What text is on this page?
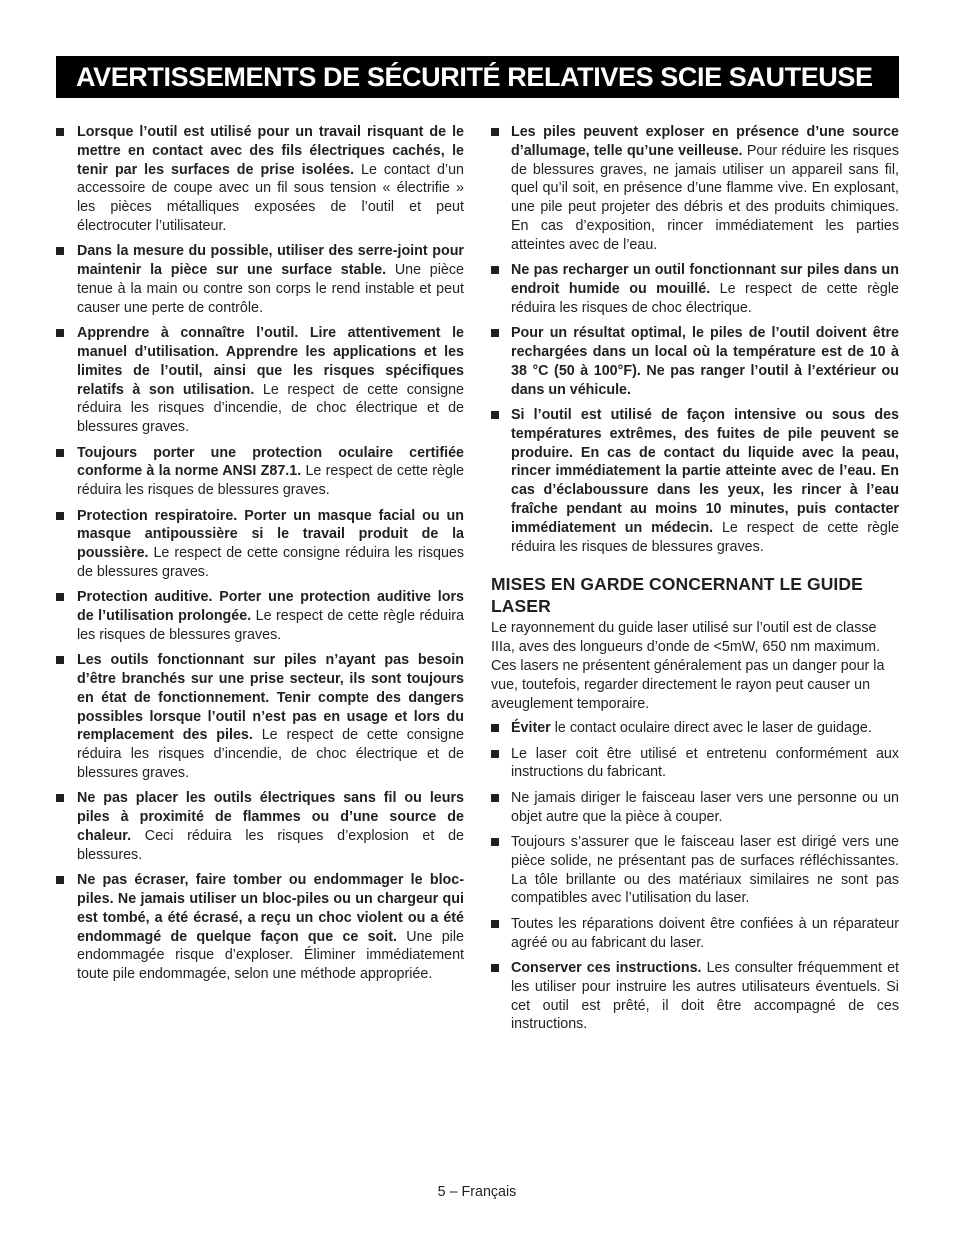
AVERTISSEMENTS DE SÉCURITÉ RELATIVES SCIE SAUTEUSE
Lorsque l’outil est utilisé pour un travail risquant de le mettre en contact avec des fils électriques cachés, le tenir par les surfaces de prise isolées. Le contact d’un accessoire de coupe avec un fil sous tension « électrifie » les pièces métalliques exposées de l’outil et peut électrocuter l’utilisateur.
Dans la mesure du possible, utiliser des serre-joint pour maintenir la pièce sur une surface stable. Une pièce tenue à la main ou contre son corps le rend instable et peut causer une perte de contrôle.
Apprendre à connaître l’outil. Lire attentivement le manuel d’utilisation. Apprendre les applications et les limites de l’outil, ainsi que les risques spécifiques relatifs à son utilisation. Le respect de cette consigne réduira les risques d’incendie, de choc électrique et de blessures graves.
Toujours porter une protection oculaire certifiée conforme à la norme ANSI Z87.1. Le respect de cette règle réduira les risques de blessures graves.
Protection respiratoire. Porter un masque facial ou un masque antipoussière si le travail produit de la poussière. Le respect de cette consigne réduira les risques de blessures graves.
Protection auditive. Porter une protection auditive lors de l’utilisation prolongée. Le respect de cette règle réduira les risques de blessures graves.
Les outils fonctionnant sur piles n’ayant pas besoin d’être branchés sur une prise secteur, ils sont toujours en état de fonctionnement. Tenir compte des dangers possibles lorsque l’outil n’est pas en usage et lors du remplacement des piles. Le respect de cette consigne réduira les risques d’incendie, de choc électrique et de blessures graves.
Ne pas placer les outils électriques sans fil ou leurs piles à proximité de flammes ou d’une source de chaleur. Ceci réduira les risques d’explosion et de blessures.
Ne pas écraser, faire tomber ou endommager le bloc-piles. Ne jamais utiliser un bloc-piles ou un chargeur qui est tombé, a été écrasé, a reçu un choc violent ou a été endommagé de quelque façon que ce soit. Une pile endommagée risque d’exploser. Éliminer immédiatement toute pile endommagée, selon une méthode appropriée.
Les piles peuvent exploser en présence d’une source d’allumage, telle qu’une veilleuse. Pour réduire les risques de blessures graves, ne jamais utiliser un appareil sans fil, quel qu’il soit, en présence d’une flamme vive. En explosant, une pile peut projeter des débris et des produits chimiques. En cas d’exposition, rincer immédiatement les parties atteintes avec de l’eau.
Ne pas recharger un outil fonctionnant sur piles dans un endroit humide ou mouillé. Le respect de cette règle réduira les risques de choc électrique.
Pour un résultat optimal, le piles de l’outil doivent être rechargées dans un local où la température est de 10 à 38 °C (50 à 100°F). Ne pas ranger l’outil à l’extérieur ou dans un véhicule.
Si l’outil est utilisé de façon intensive ou sous des températures extrêmes, des fuites de pile peuvent se produire. En cas de contact du liquide avec la peau, rincer immédiatement la partie atteinte avec de l’eau. En cas d’éclaboussure dans les yeux, les rincer à l’eau fraîche pendant au moins 10 minutes, puis contacter immédiatement un médecin. Le respect de cette règle réduira les risques de blessures graves.
MISES EN GARDE CONCERNANT LE GUIDE LASER

Le rayonnement du guide laser utilisé sur l’outil est de classe IIIa, aves des longueurs d’onde de <5mW, 650 nm maximum. Ces lasers ne présentent généralement pas un danger pour la vue, toutefois, regarder directement le rayon peut causer un aveuglement temporaire.

Éviter le contact oculaire direct avec le laser de guidage.
Le laser coit être utilisé et entretenu conformément aux instructions du fabricant.
Ne jamais diriger le faisceau laser vers une personne ou un objet autre que la pièce à couper.
Toujours s’assurer que le faisceau laser est dirigé vers une pièce solide, ne présentant pas de surfaces réfléchissantes. La tôle brillante ou des matériaux similaires ne sont pas compatibles avec l’utilisation du laser.
Toutes les réparations doivent être confiées à un réparateur agréé ou au fabricant du laser.
Conserver ces instructions. Les consulter fréquemment et les utiliser pour instruire les autres utilisateurs éventuels. Si cet outil est prêté, il doit être accompagné de ces instructions.
5 – Français
